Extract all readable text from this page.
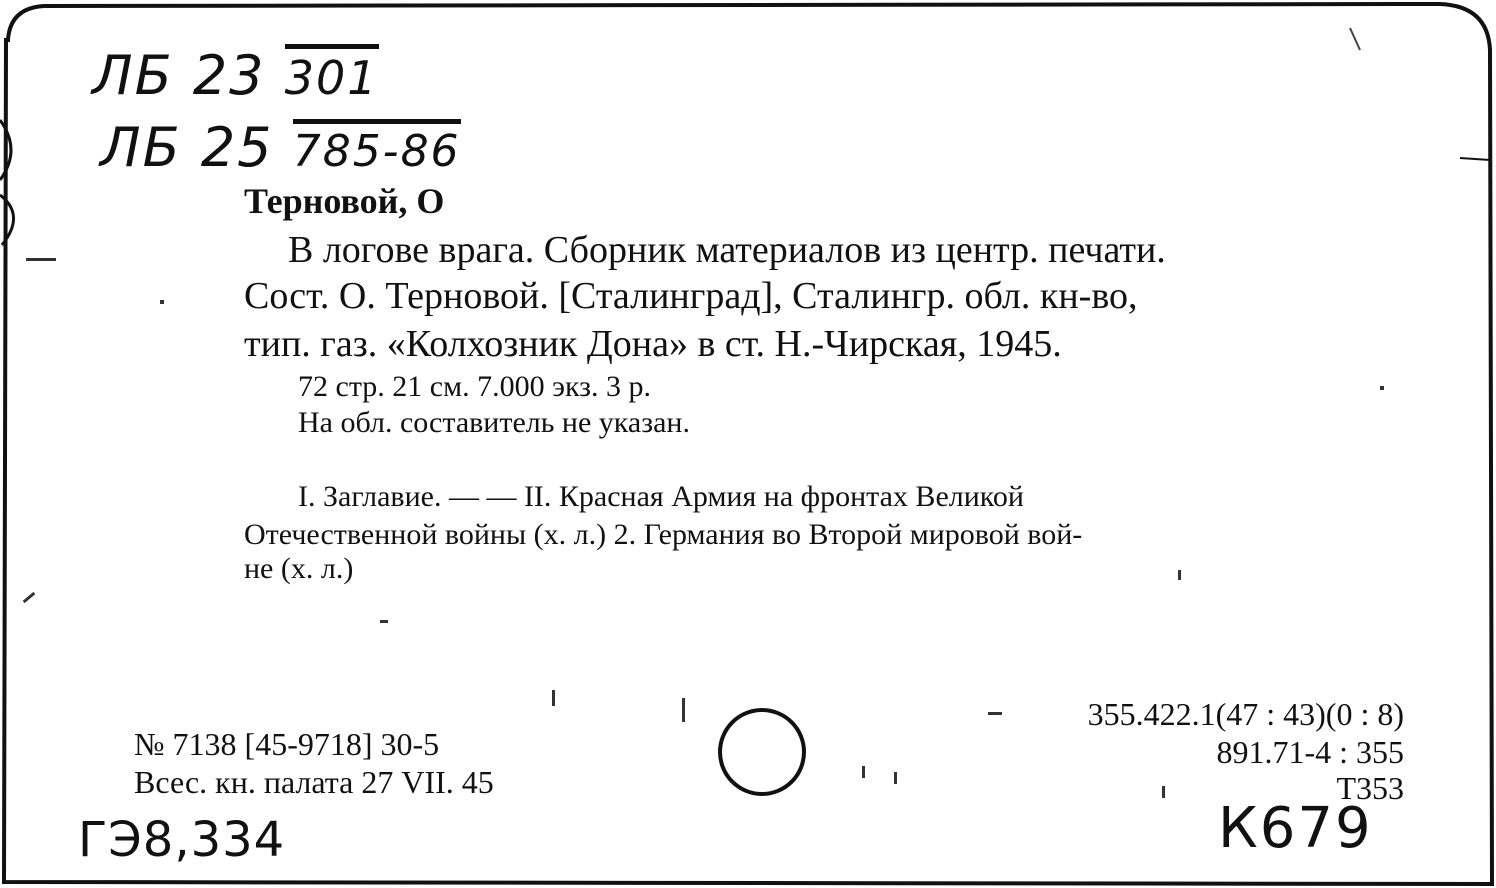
ЛБ 23 301
ЛБ 25 785-86
Терновой, О
В логове врага. Сборник материалов из центр. печати.
Сост. О. Терновой. [Сталинград], Сталингр. обл. кн-во,
тип. газ. «Колхозник Дона» в ст. Н.-Чирская, 1945.
72 стр. 21 см. 7.000 экз. 3 р.
На обл. составитель не указан.
I. Заглавие. — — II. Красная Армия на фронтах Великой
Отечественной войны (х. л.) 2. Германия во Второй мировой вой-
не (х. л.)
№ 7138 [45-9718] 30-5
Всес. кн. палата 27 VII. 45
355.422.1(47 : 43)(0 : 8)
891.71-4 : 355
Т353
ГЭ8,334	К679
